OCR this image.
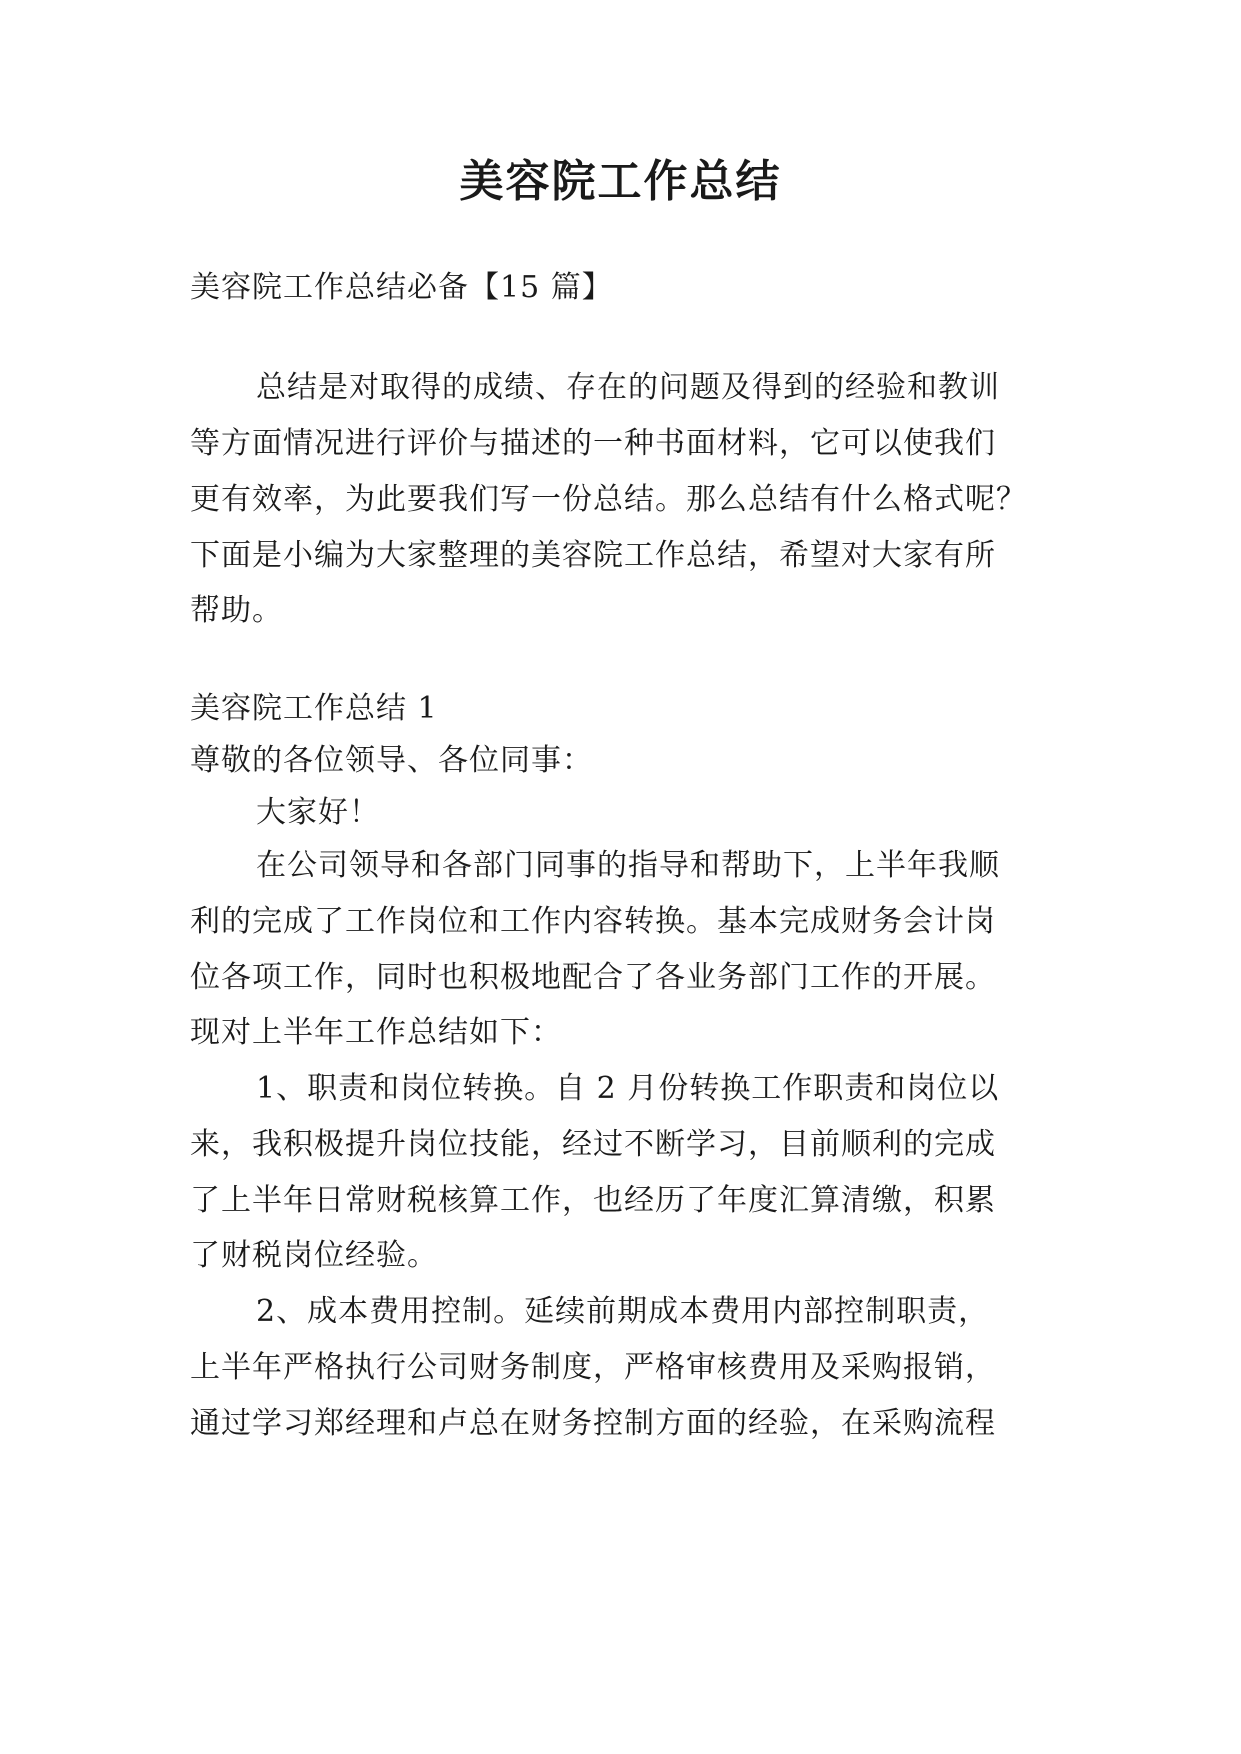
美容院工作总结
美容院工作总结必备【15 篇】
总结是对取得的成绩、存在的问题及得到的经验和教训
等方面情况进行评价与描述的一种书面材料，它可以使我们
更有效率，为此要我们写一份总结。那么总结有什么格式呢？
下面是小编为大家整理的美容院工作总结，希望对大家有所
帮助。
美容院工作总结 1
尊敬的各位领导、各位同事：
大家好！
在公司领导和各部门同事的指导和帮助下，上半年我顺
利的完成了工作岗位和工作内容转换。基本完成财务会计岗
位各项工作，同时也积极地配合了各业务部门工作的开展。
现对上半年工作总结如下：
1、职责和岗位转换。自 2 月份转换工作职责和岗位以
来，我积极提升岗位技能，经过不断学习，目前顺利的完成
了上半年日常财税核算工作，也经历了年度汇算清缴，积累
了财税岗位经验。
2、成本费用控制。延续前期成本费用内部控制职责，
上半年严格执行公司财务制度，严格审核费用及采购报销，
通过学习郑经理和卢总在财务控制方面的经验，在采购流程
